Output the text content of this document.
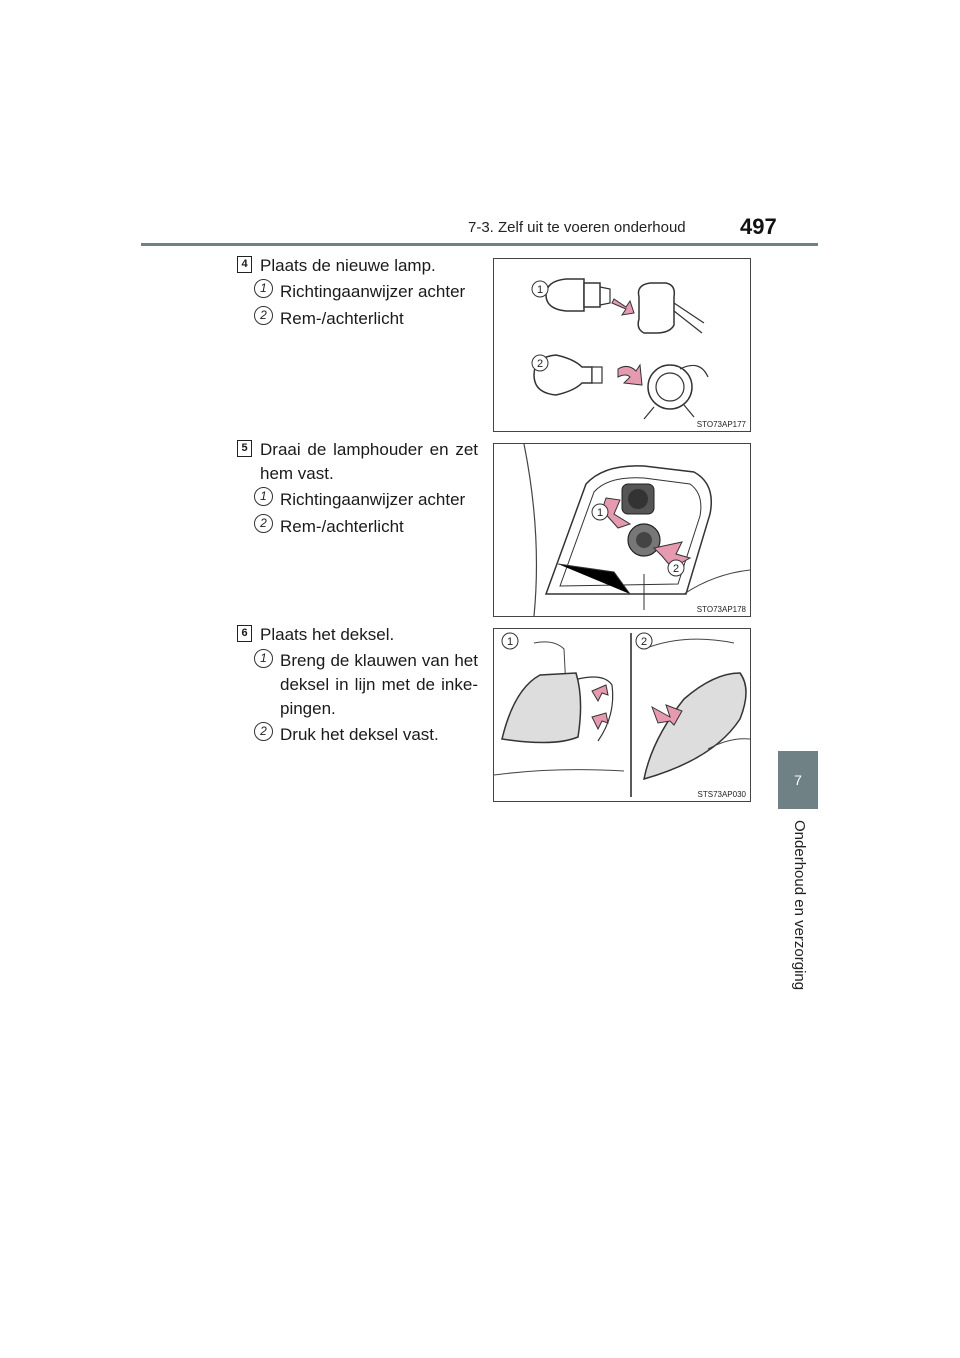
7-3. Zelf uit te voeren onderhoud 497
7
Onderhoud en verzorging
4 Plaats de nieuwe lamp.
1 Richtingaanwijzer achter
2 Rem-/achterlicht
1
2
STO73AP177
5 Draai de lamphouder en zet
hem vast.
1 Richtingaanwijzer achter
2 Rem-/achterlicht
1
2
STO73AP178
6 Plaats het deksel.
1 Breng de klauwen van het
deksel in lijn met de inke-
pingen.
2 Druk het deksel vast.
1	2
STS73AP030
